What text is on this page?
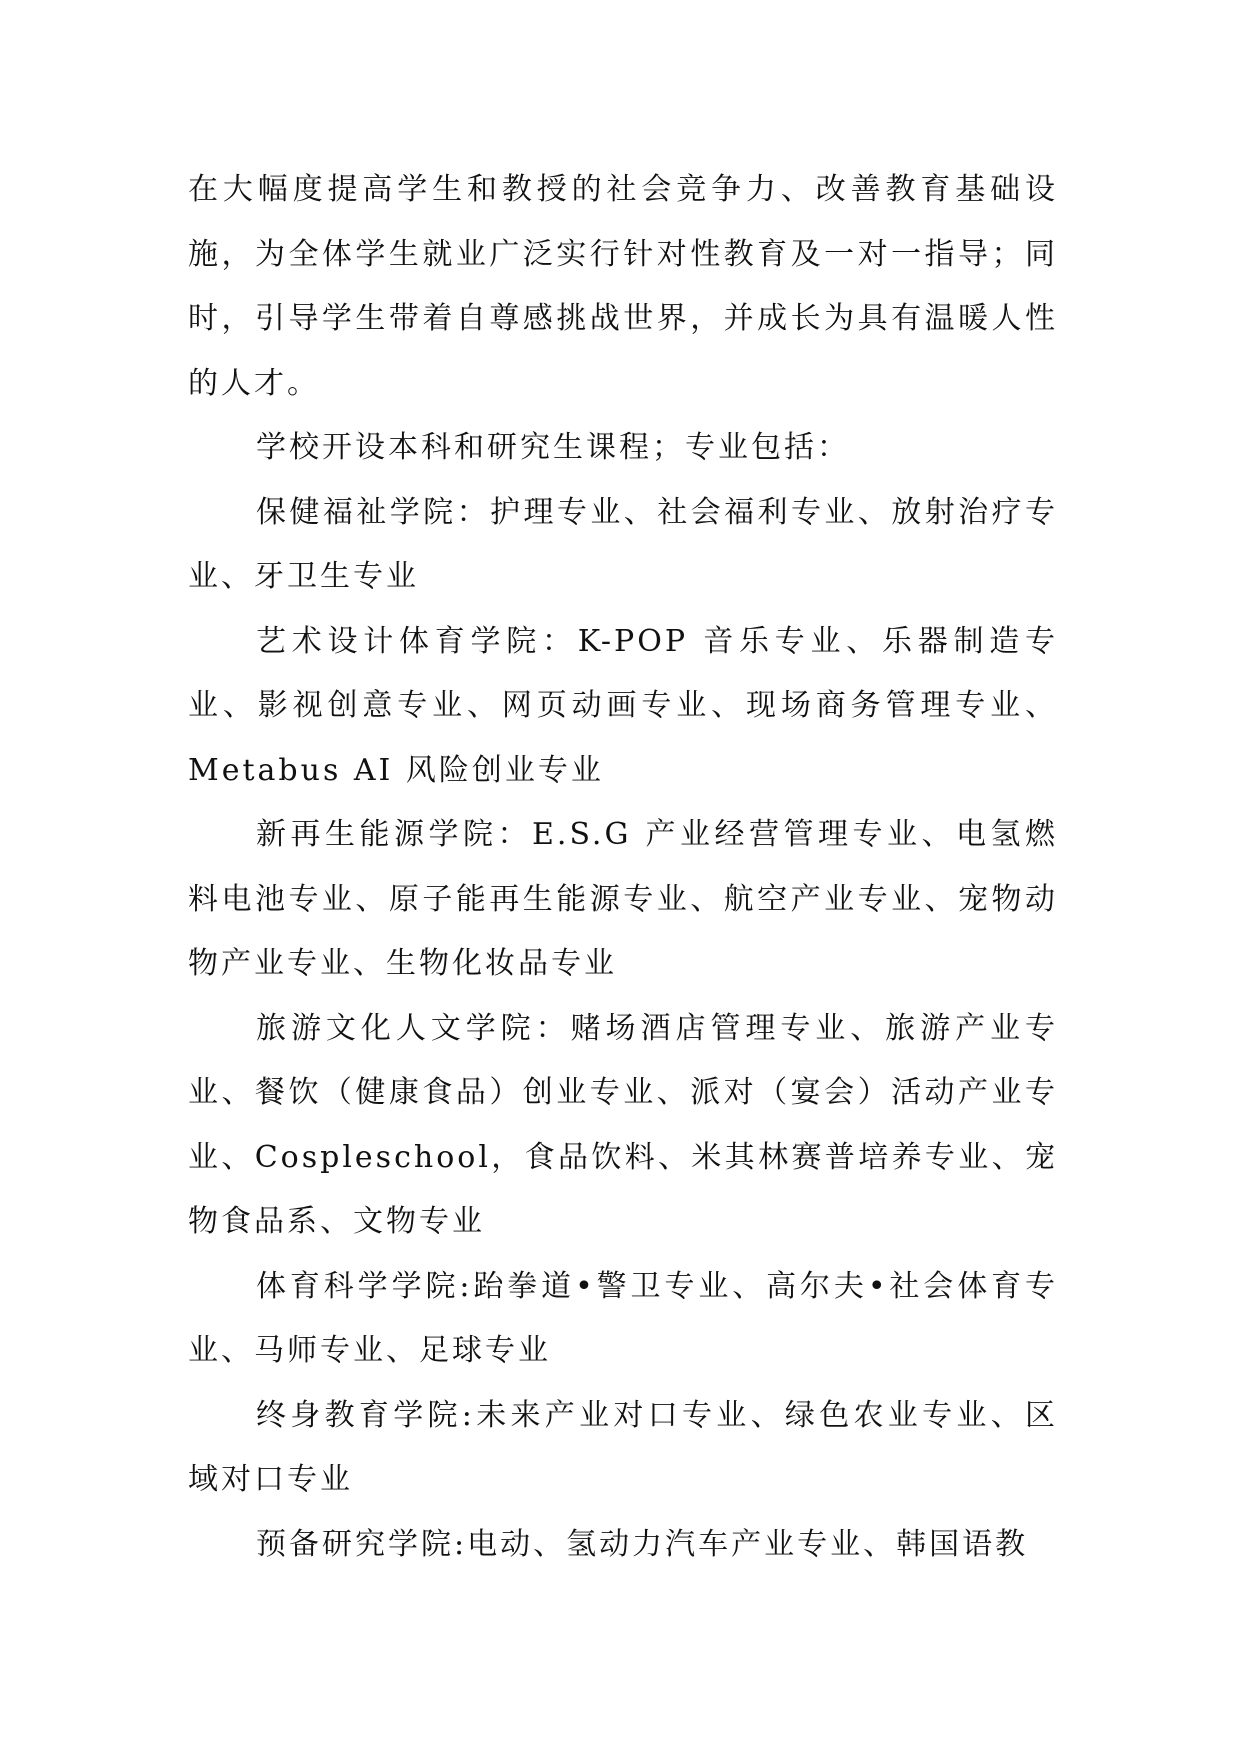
在大幅度提高学生和教授的社会竞争力、改善教育基础设施，为全体学生就业广泛实行针对性教育及一对一指导；同时，引导学生带着自尊感挑战世界，并成长为具有温暖人性的人才。

学校开设本科和研究生课程；专业包括：

保健福祉学院：护理专业、社会福利专业、放射治疗专业、牙卫生专业

艺术设计体育学院：K-POP 音乐专业、乐器制造专业、影视创意专业、网页动画专业、现场商务管理专业、Metabus AI 风险创业专业

新再生能源学院：E.S.G 产业经营管理专业、电氢燃料电池专业、原子能再生能源专业、航空产业专业、宠物动物产业专业、生物化妆品专业

旅游文化人文学院：赌场酒店管理专业、旅游产业专业、餐饮（健康食品）创业专业、派对（宴会）活动产业专业、Cospleschool，食品饮料、米其林赛普培养专业、宠物食品系、文物专业

体育科学学院:跆拳道•警卫专业、高尔夫•社会体育专业、马师专业、足球专业

终身教育学院:未来产业对口专业、绿色农业专业、区域对口专业

预备研究学院:电动、氢动力汽车产业专业、韩国语教
